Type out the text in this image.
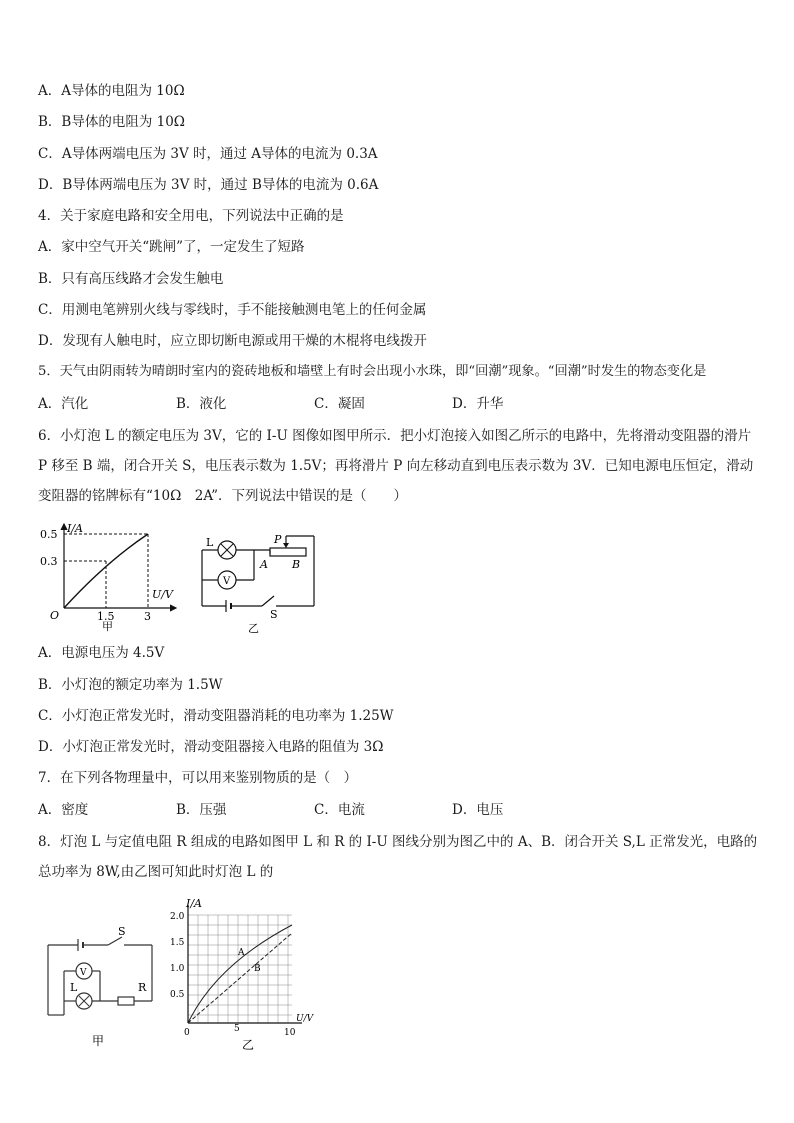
A．A导体的电阻为 10Ω
B．B导体的电阻为 10Ω
C．A导体两端电压为 3V 时，通过 A导体的电流为 0.3A
D．B导体两端电压为 3V 时，通过 B导体的电流为 0.6A
4．关于家庭电路和安全用电，下列说法中正确的是
A．家中空气开关“跳闸”了，一定发生了短路
B．只有高压线路才会发生触电
C．用测电笔辨别火线与零线时，手不能接触测电笔上的任何金属
D．发现有人触电时，应立即切断电源或用干燥的木棍将电线拨开
5．天气由阴雨转为晴朗时室内的瓷砖地板和墙壁上有时会出现小水珠，即“回潮”现象。“回潮”时发生的物态变化是
A．汽化	B．液化	C．凝固	D．升华
6．小灯泡 L 的额定电压为 3V，它的 I-U 图像如图甲所示．把小灯泡接入如图乙所示的电路中，先将滑动变阻器的滑片 P 移至 B 端，闭合开关 S，电压表示数为 1.5V；再将滑片 P 向左移动直到电压表示数为 3V．已知电源电压恒定，滑动变阻器的铭牌标有“10Ω　2A”．下列说法中错误的是（　　）
I/A
0.5
0.3
O	1.5	3
U/V
甲
V
L	P
A B
S
乙
A．电源电压为 4.5V
B．小灯泡的额定功率为 1.5W
C．小灯泡正常发光时，滑动变阻器消耗的电功率为 1.25W
D．小灯泡正常发光时，滑动变阻器接入电路的阻值为 3Ω
7．在下列各物理量中，可以用来鉴别物质的是（　）
A．密度	B．压强	C．电流	D．电压
8．灯泡 L 与定值电阻 R 组成的电路如图甲 L 和 R 的 I-U 图线分别为图乙中的 A、B．闭合开关 S,L 正常发光，电路的总功率为 8W,由乙图可知此时灯泡 L 的
V
S
L	R
甲
A
B
I/A
2.0
1.5
1.0
0.5
0	5	10
U/V
乙
